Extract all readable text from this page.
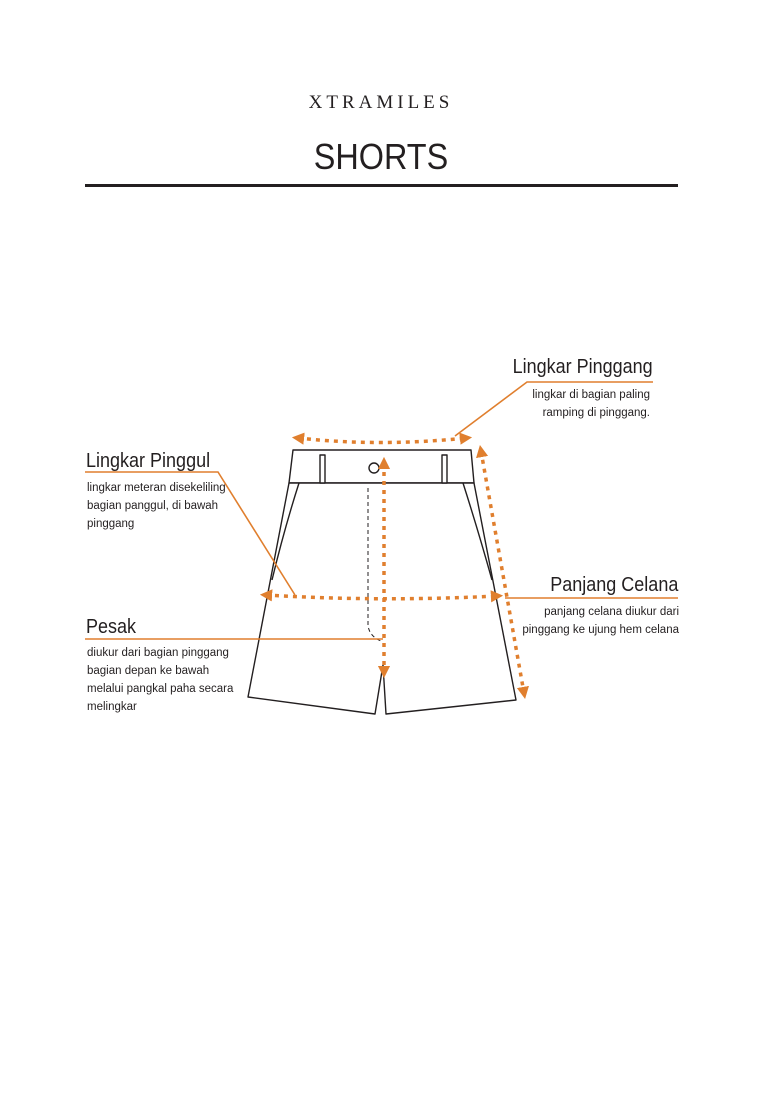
XTRAMILES
SHORTS
Lingkar Pinggang
lingkar di bagian paling
ramping di pinggang.
Lingkar Pinggul
lingkar meteran disekeliling
bagian panggul, di bawah
pinggang
Panjang Celana
panjang celana diukur dari
pinggang ke ujung hem celana
Pesak
diukur dari bagian pinggang
bagian depan ke bawah
melalui pangkal paha secara
melingkar
